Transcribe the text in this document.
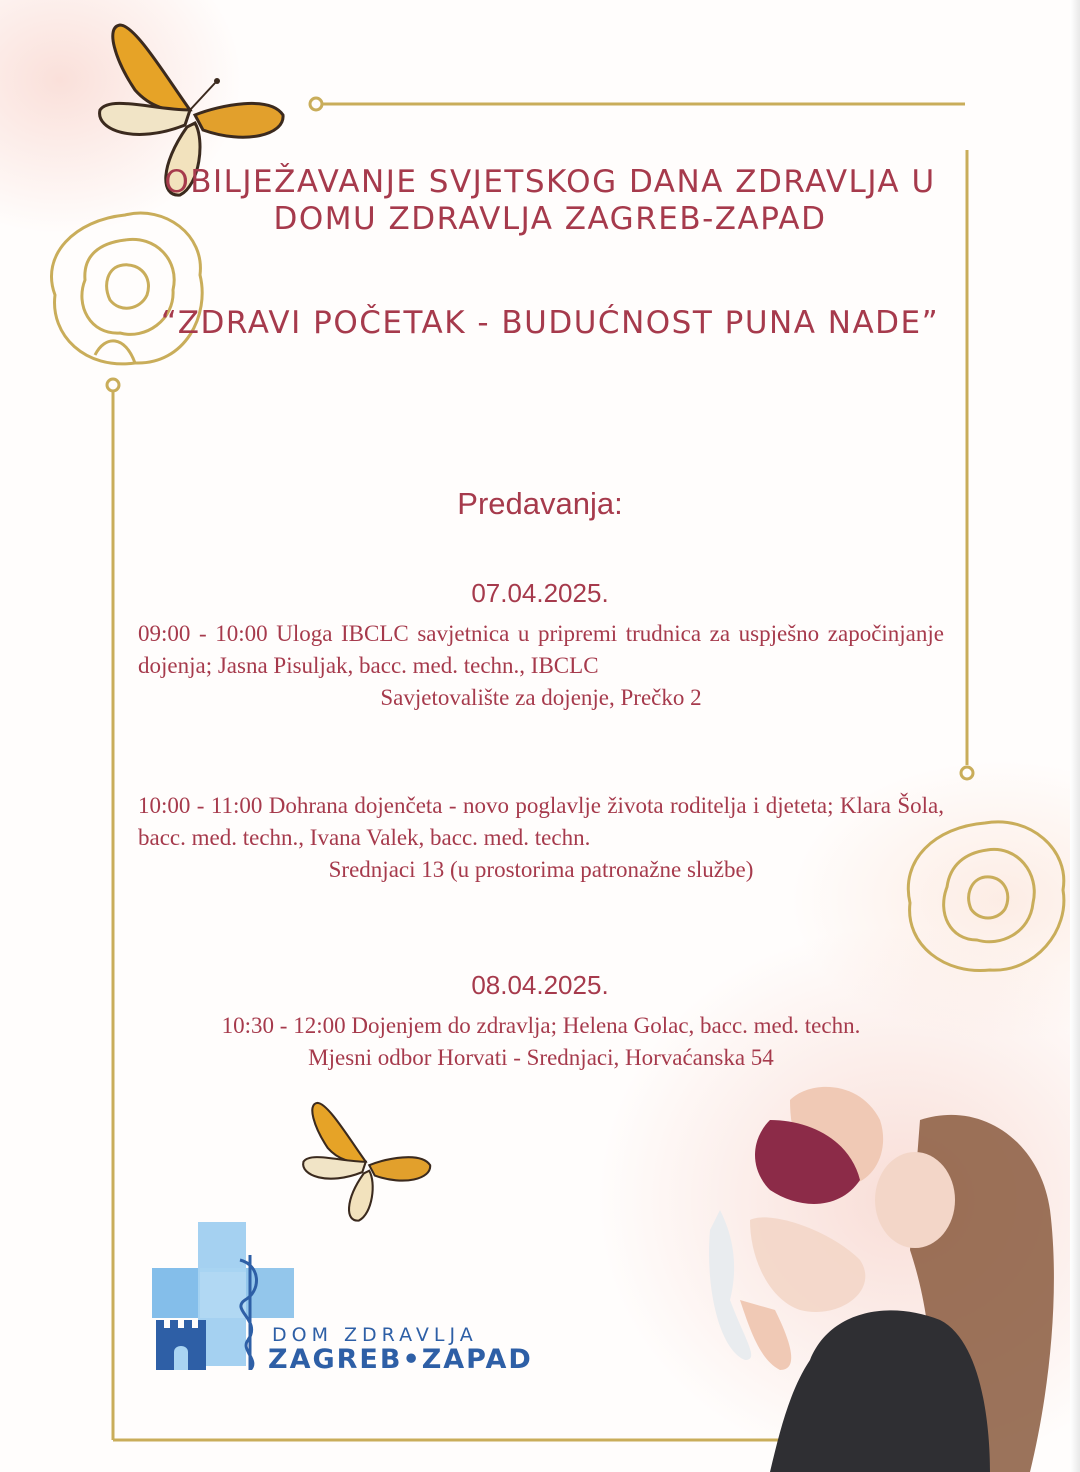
DOM ZDRAVLJA
ZAGREB•ZAPAD
OBILJEŽAVANJE SVJETSKOG DANA ZDRAVLJA U DOMU ZDRAVLJA ZAGREB-ZAPAD
“ZDRAVI POČETAK - BUDUĆNOST PUNA NADE”
Predavanja:
07.04.2025.
09:00 - 10:00 Uloga IBCLC savjetnica u pripremi trudnica za uspješno započinjanje dojenja; Jasna Pisuljak, bacc. med. techn., IBCLC
Savjetovalište za dojenje, Prečko 2
10:00 - 11:00 Dohrana dojenčeta - novo poglavlje života roditelja i djeteta; Klara Šola, bacc. med. techn., Ivana Valek, bacc. med. techn.
Srednjaci 13 (u prostorima patronažne službe)
08.04.2025.
10:30 - 12:00 Dojenjem do zdravlja; Helena Golac, bacc. med. techn.
Mjesni odbor Horvati - Srednjaci, Horvaćanska 54
